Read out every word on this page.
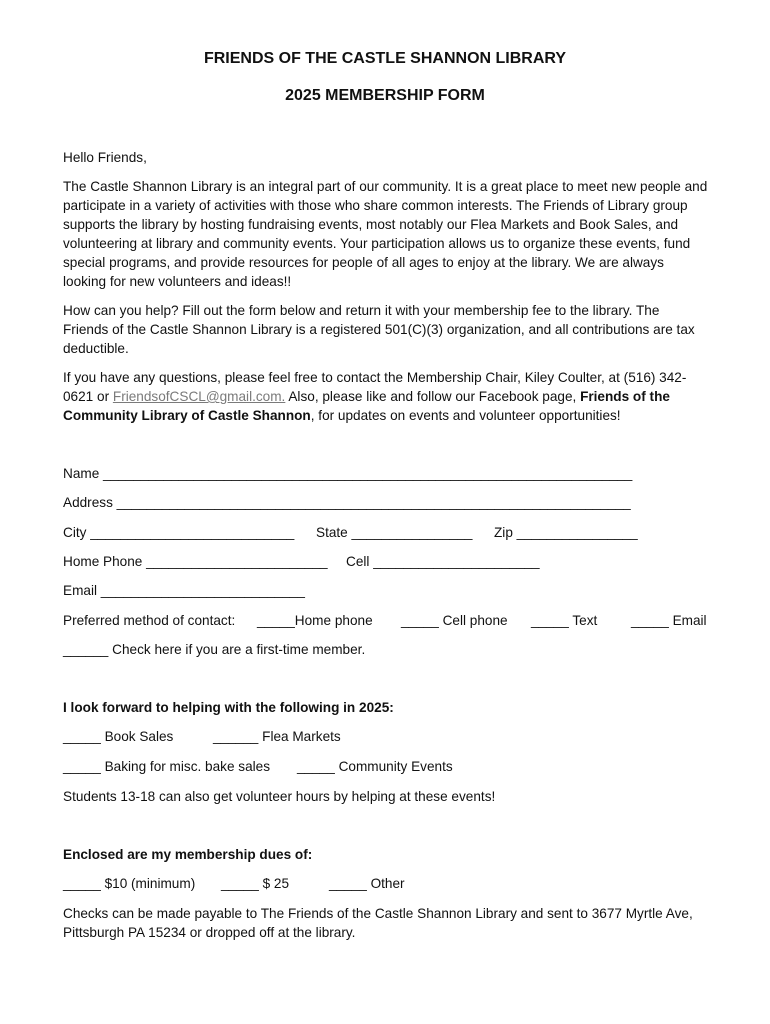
FRIENDS OF THE CASTLE SHANNON LIBRARY
2025 MEMBERSHIP FORM
Hello Friends,

The Castle Shannon Library is an integral part of our community. It is a great place to meet new people and participate in a variety of activities with those who share common interests. The Friends of Library group supports the library by hosting fundraising events, most notably our Flea Markets and Book Sales, and volunteering at library and community events. Your participation allows us to organize these events, fund special programs, and provide resources for people of all ages to enjoy at the library. We are always looking for new volunteers and ideas!!

How can you help? Fill out the form below and return it with your membership fee to the library. The Friends of the Castle Shannon Library is a registered 501(C)(3) organization, and all contributions are tax deductible.

If you have any questions, please feel free to contact the Membership Chair, Kiley Coulter, at (516) 342-0621 or FriendsofCSCL@gmail.com. Also, please like and follow our Facebook page, Friends of the Community Library of Castle Shannon, for updates on events and volunteer opportunities!

Name ______________________________________________________________________
Address ____________________________________________________________________
City ___________________________ State ________________ Zip ________________
Home Phone ________________________ Cell ______________________
Email ___________________________
Preferred method of contact: _____Home phone _____ Cell phone _____ Text _____ Email
______ Check here if you are a first-time member.
I look forward to helping with the following in 2025:
_____ Book Sales	______ Flea Markets
_____ Baking for misc. bake sales _____ Community Events
Students 13-18 can also get volunteer hours by helping at these events!
Enclosed are my membership dues of:
_____ $10 (minimum) _____ $ 25	_____ Other

Checks can be made payable to The Friends of the Castle Shannon Library and sent to 3677 Myrtle Ave, Pittsburgh PA 15234 or dropped off at the library.
